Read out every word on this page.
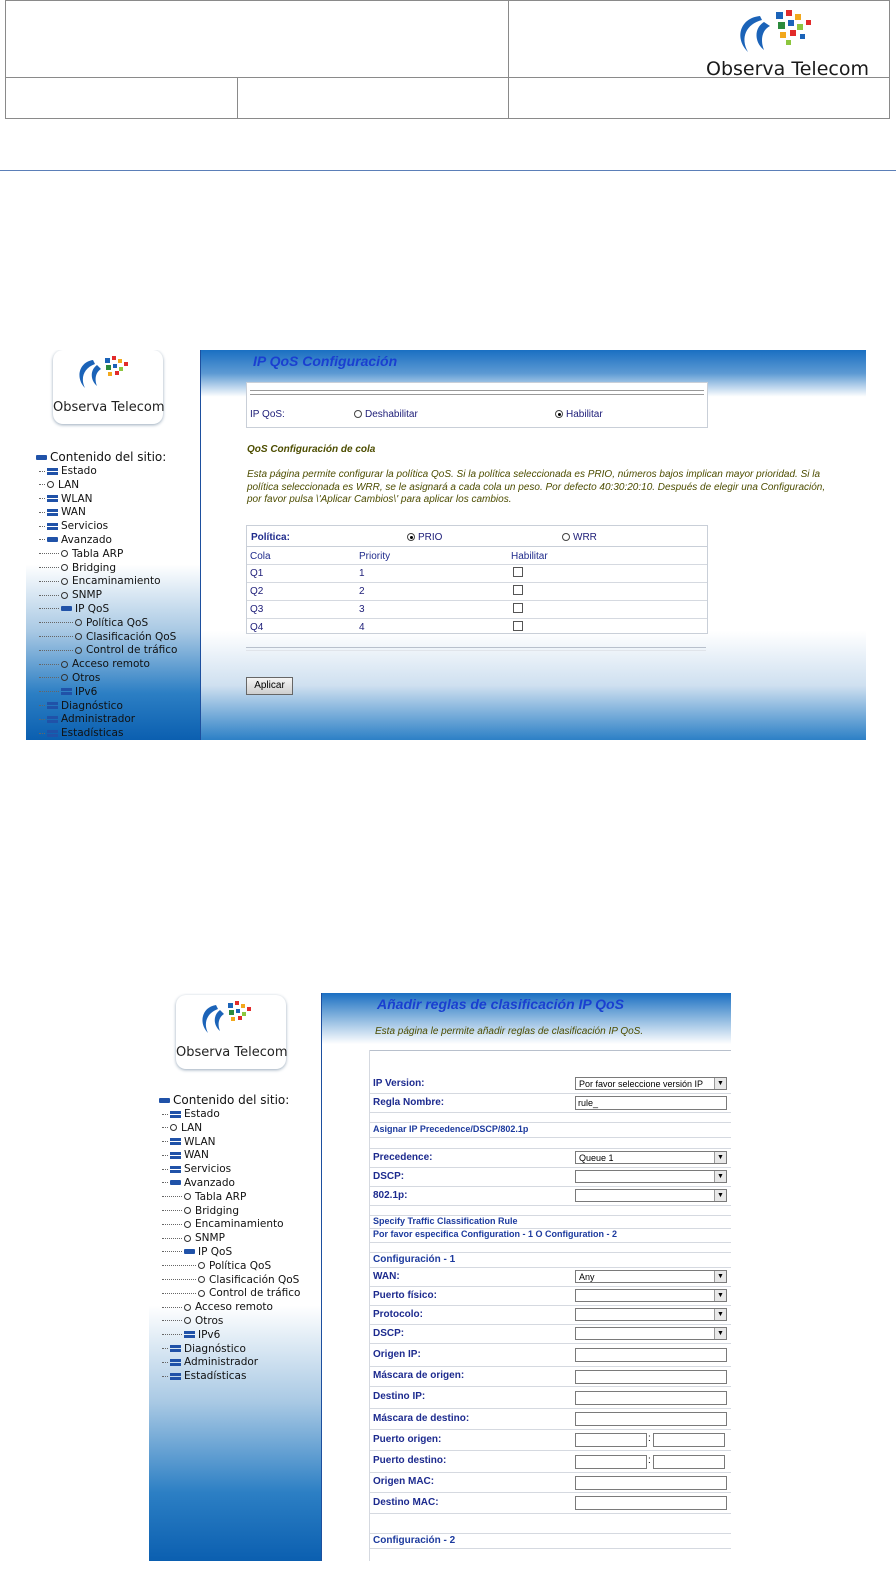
Observa Telecom
Observa Telecom
Contenido del sitio:
Estado
LAN
WLAN
WAN
Servicios
Avanzado
Tabla ARP
Bridging
Encaminamiento
SNMP
IP QoS
Política QoS
Clasificación QoS
Control de tráfico
Acceso remoto
Otros
IPv6
Diagnóstico
Administrador
Estadísticas
IP QoS Configuración
IP QoS:	Deshabilitar	Habilitar
QoS Configuración de cola
Esta página permite configurar la política QoS. Si la política seleccionada es PRIO, números bajos implican mayor prioridad. Si la política seleccionada es WRR, se le asignará a cada cola un peso. Por defecto 40:30:20:10. Después de elegir una Configuración, por favor pulsa \'Aplicar Cambios\' para aplicar los cambios.
Política:	PRIO	WRR
Cola	Priority	Habilitar
Q1	1
Q2	2
Q3	3
Q4	4
Aplicar
Observa Telecom
Contenido del sitio:
Estado
LAN
WLAN
WAN
Servicios
Avanzado
Tabla ARP
Bridging
Encaminamiento
SNMP
IP QoS
Política QoS
Clasificación QoS
Control de tráfico
Acceso remoto
Otros
IPv6
Diagnóstico
Administrador
Estadísticas
Añadir reglas de clasificación IP QoS
Esta página le permite añadir reglas de clasificación IP QoS.
IP Version:	Por favor seleccione versión IP	▼
Regla Nombre:	rule_
Asignar IP Precedence/DSCP/802.1p
Precedence:	Queue 1	▼
DSCP:	▼
802.1p:	▼
Specify Traffic Classification Rule
Por favor especifica Configuration - 1 O Configuration - 2
Configuración - 1
WAN:	Any	▼
Puerto físico:	▼
Protocolo:	▼
DSCP:	▼
Origen IP:
Máscara de origen:
Destino IP:
Máscara de destino:
Puerto origen:	:
Puerto destino:	:
Origen MAC:
Destino MAC:
Configuración - 2
